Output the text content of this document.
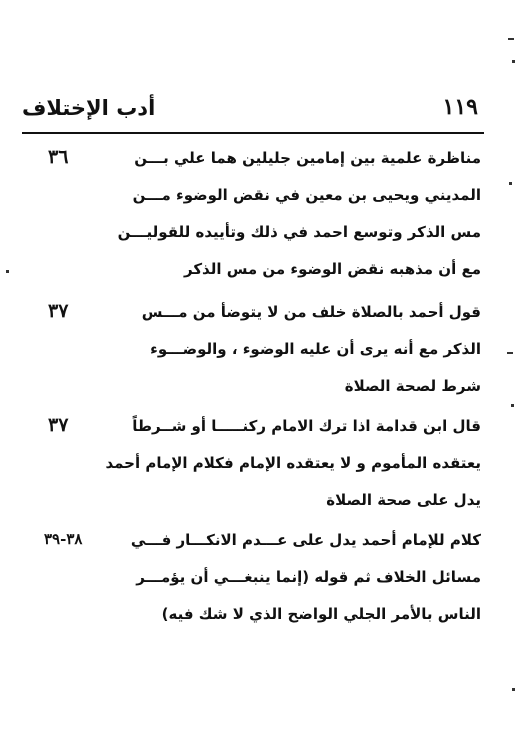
أدب الإختلاف	١١٩
٣٦	مناظرة علمية بين إمامين جليلين هما علي بـــن
المديني ويحيى بن معين في نقض الوضوء مـــن
مس الذكر وتوسع احمد في ذلك وتأييده للقوليـــن
مع أن مذهبه نقض الوضوء من مس الذكر
٣٧	قول أحمد بالصلاة خلف من لا يتوضأ من مـــس
الذكر مع أنه يرى أن عليه الوضوء ، والوضـــوء
شرط لصحة الصلاة
٣٧	قال ابن قدامة اذا ترك الامام ركنـــــا أو شــرطاً
يعتقده المأموم و لا يعتقده الإمام فكلام الإمام أحمد
يدل على صحة الصلاة
٣٨-٣٩	كلام للإمام أحمد يدل على عـــدم الانكـــار فـــي
مسائل الخلاف ثم قوله (إنما ينبغـــي أن يؤمـــر
الناس بالأمر الجلي الواضح الذي لا شك فيه)
